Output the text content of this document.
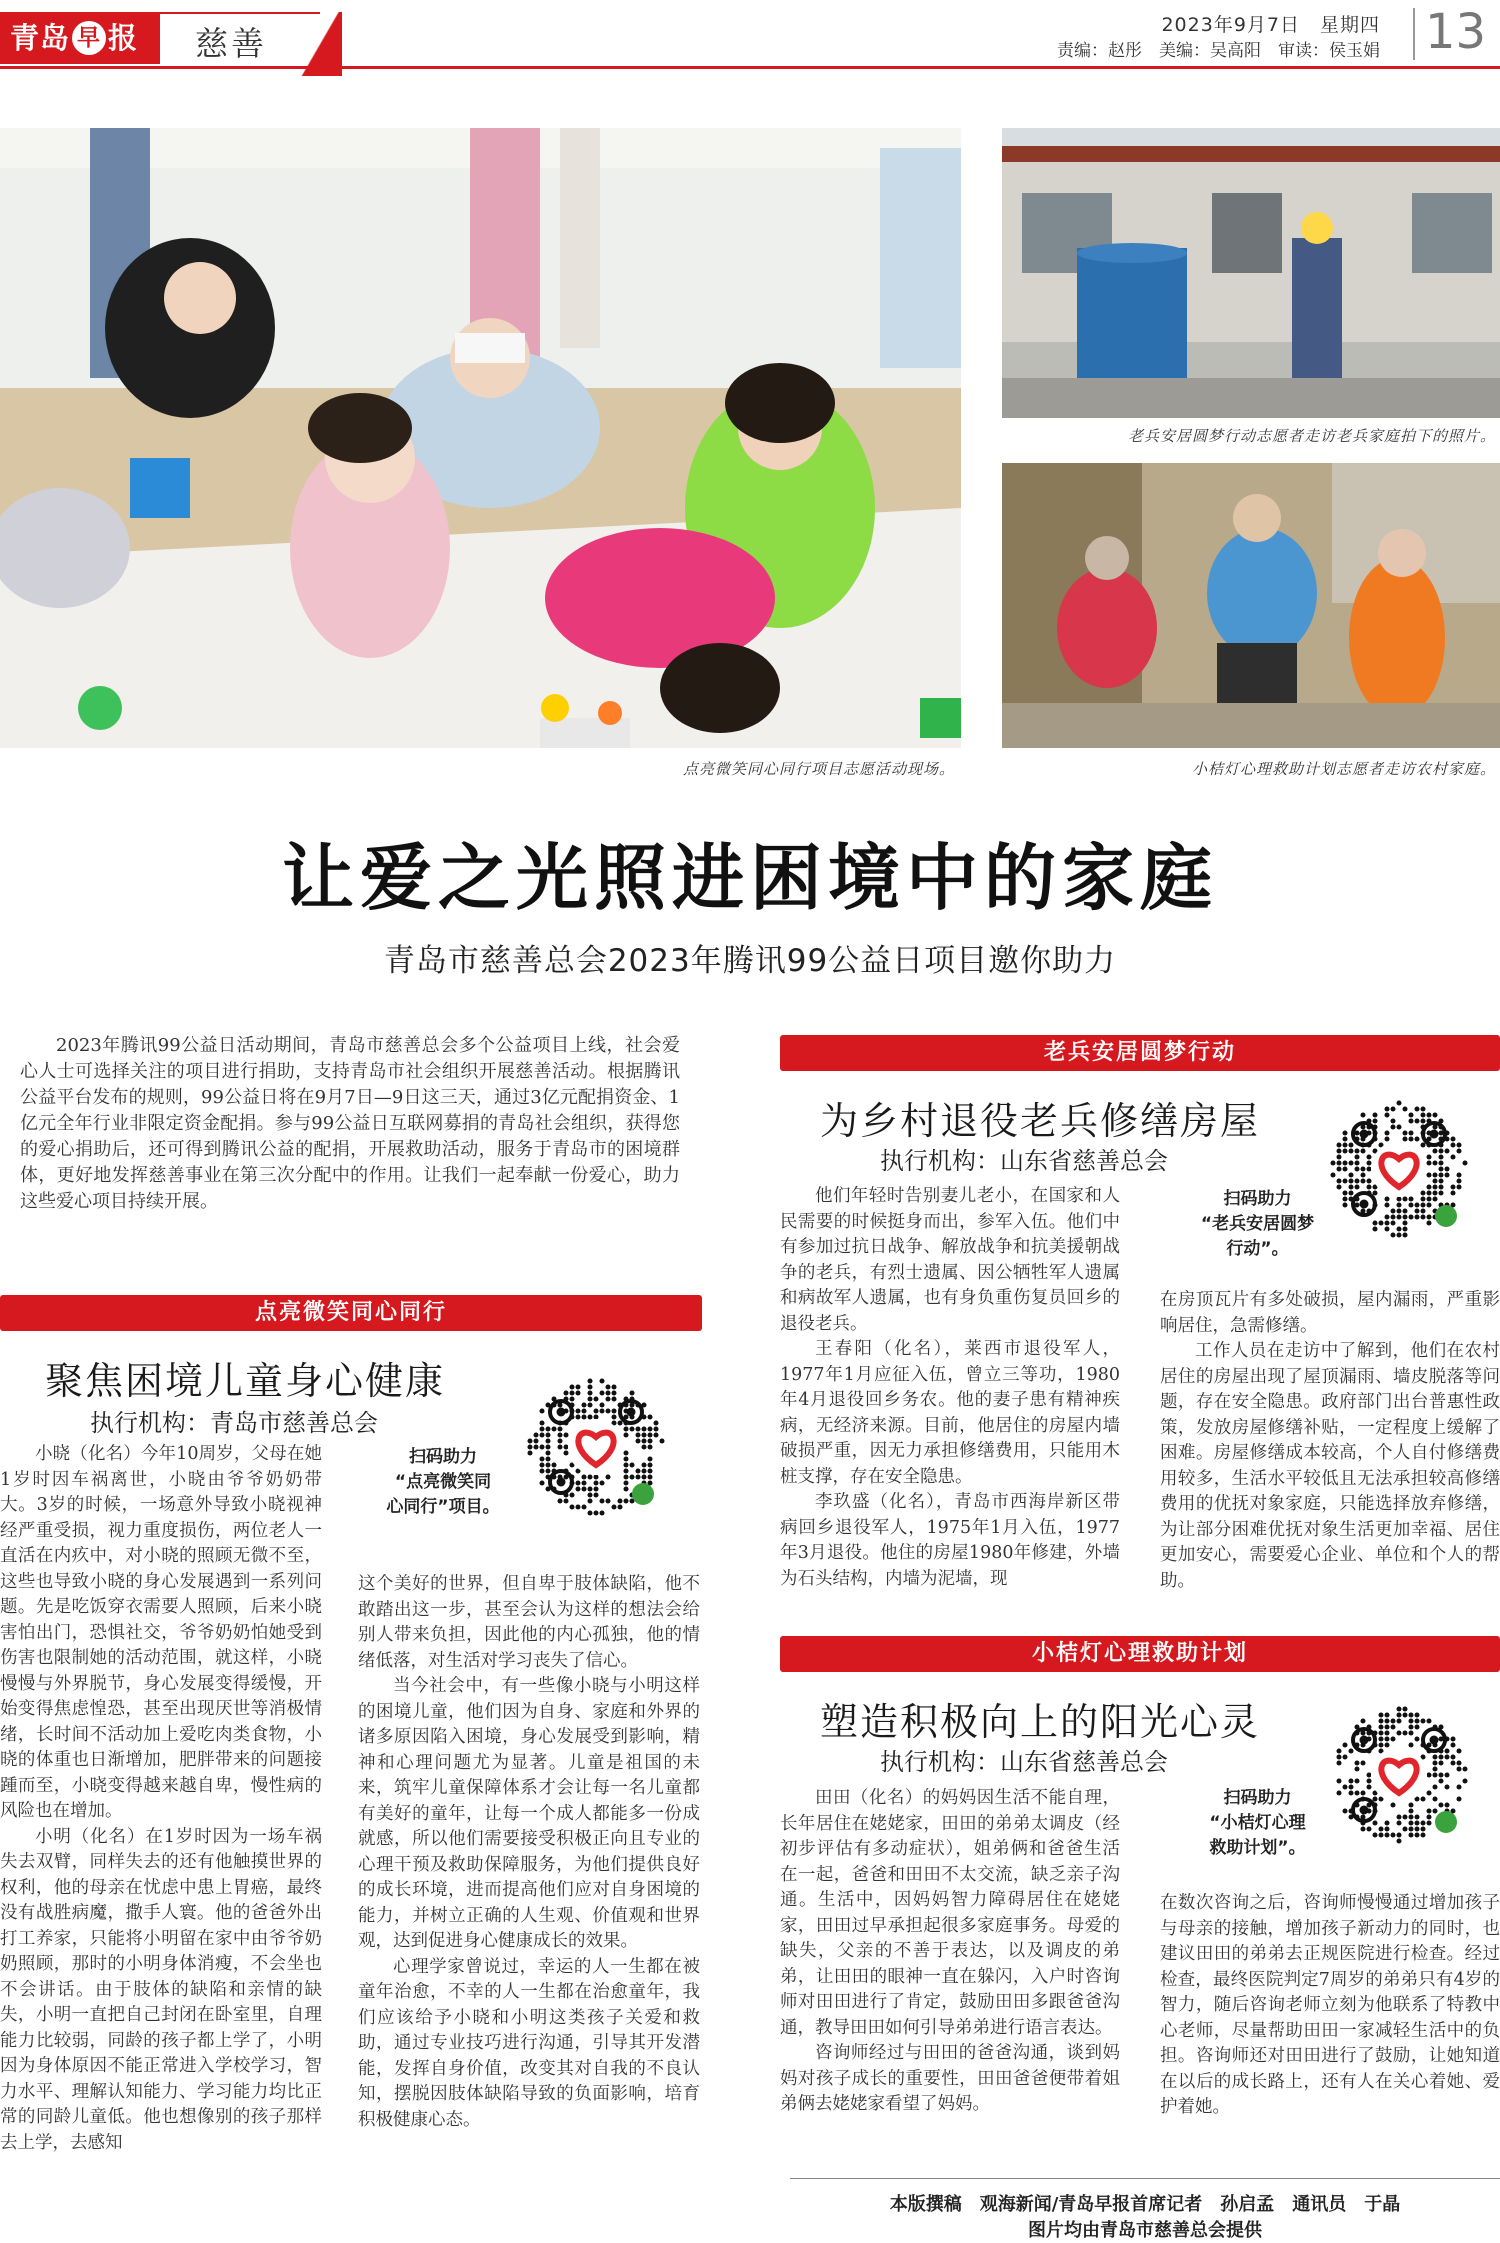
青岛 早 报	慈善	2023年9月7日　星期四
责编：赵彤　美编：吴高阳　审读：侯玉娟 13
点亮微笑同心同行项目志愿活动现场。
老兵安居圆梦行动志愿者走访老兵家庭拍下的照片。
小桔灯心理救助计划志愿者走访农村家庭。
让爱之光照进困境中的家庭
青岛市慈善总会2023年腾讯99公益日项目邀你助力

2023年腾讯99公益日活动期间，青岛市慈善总会多个公益项目上线，社会爱心人士可选择关注的项目进行捐助，支持青岛市社会组织开展慈善活动。根据腾讯公益平台发布的规则，99公益日将在9月7日—9日这三天，通过3亿元配捐资金、1亿元全年行业非限定资金配捐。参与99公益日互联网募捐的青岛社会组织，获得您的爱心捐助后，还可得到腾讯公益的配捐，开展救助活动，服务于青岛市的困境群体，更好地发挥慈善事业在第三次分配中的作用。让我们一起奉献一份爱心，助力这些爱心项目持续开展。

点亮微笑同心同行
聚焦困境儿童身心健康
执行机构：青岛市慈善总会
扫码助力
“点亮微笑同
心同行”项目。

小晓（化名）今年10周岁，父母在她1岁时因车祸离世，小晓由爷爷奶奶带大。3岁的时候，一场意外导致小晓视神经严重受损，视力重度损伤，两位老人一直活在内疚中，对小晓的照顾无微不至，这些也导致小晓的身心发展遇到一系列问题。先是吃饭穿衣需要人照顾，后来小晓害怕出门，恐惧社交，爷爷奶奶怕她受到伤害也限制她的活动范围，就这样，小晓慢慢与外界脱节，身心发展变得缓慢，开始变得焦虑惶恐，甚至出现厌世等消极情绪，长时间不活动加上爱吃肉类食物，小晓的体重也日渐增加，肥胖带来的问题接踵而至，小晓变得越来越自卑，慢性病的风险也在增加。

小明（化名）在1岁时因为一场车祸失去双臂，同样失去的还有他触摸世界的权利，他的母亲在忧虑中患上胃癌，最终没有战胜病魔，撒手人寰。他的爸爸外出打工养家，只能将小明留在家中由爷爷奶奶照顾，那时的小明身体消瘦，不会坐也不会讲话。由于肢体的缺陷和亲情的缺失，小明一直把自己封闭在卧室里，自理能力比较弱，同龄的孩子都上学了，小明因为身体原因不能正常进入学校学习，智力水平、理解认知能力、学习能力均比正常的同龄儿童低。他也想像别的孩子那样去上学，去感知

这个美好的世界，但自卑于肢体缺陷，他不敢踏出这一步，甚至会认为这样的想法会给别人带来负担，因此他的内心孤独，他的情绪低落，对生活对学习丧失了信心。

当今社会中，有一些像小晓与小明这样的困境儿童，他们因为自身、家庭和外界的诸多原因陷入困境，身心发展受到影响，精神和心理问题尤为显著。儿童是祖国的未来，筑牢儿童保障体系才会让每一名儿童都有美好的童年，让每一个成人都能多一份成就感，所以他们需要接受积极正向且专业的心理干预及救助保障服务，为他们提供良好的成长环境，进而提高他们应对自身困境的能力，并树立正确的人生观、价值观和世界观，达到促进身心健康成长的效果。

心理学家曾说过，幸运的人一生都在被童年治愈，不幸的人一生都在治愈童年，我们应该给予小晓和小明这类孩子关爱和救助，通过专业技巧进行沟通，引导其开发潜能，发挥自身价值，改变其对自我的不良认知，摆脱因肢体缺陷导致的负面影响，培育积极健康心态。

老兵安居圆梦行动
为乡村退役老兵修缮房屋
执行机构：山东省慈善总会
扫码助力
“老兵安居圆梦
行动”。

他们年轻时告别妻儿老小，在国家和人民需要的时候挺身而出，参军入伍。他们中有参加过抗日战争、解放战争和抗美援朝战争的老兵，有烈士遗属、因公牺牲军人遗属和病故军人遗属，也有身负重伤复员回乡的退役老兵。

王春阳（化名），莱西市退役军人，1977年1月应征入伍，曾立三等功，1980年4月退役回乡务农。他的妻子患有精神疾病，无经济来源。目前，他居住的房屋内墙破损严重，因无力承担修缮费用，只能用木桩支撑，存在安全隐患。

李玖盛（化名），青岛市西海岸新区带病回乡退役军人，1975年1月入伍，1977年3月退役。他住的房屋1980年修建，外墙为石头结构，内墙为泥墙，现

在房顶瓦片有多处破损，屋内漏雨，严重影响居住，急需修缮。

工作人员在走访中了解到，他们在农村居住的房屋出现了屋顶漏雨、墙皮脱落等问题，存在安全隐患。政府部门出台普惠性政策，发放房屋修缮补贴，一定程度上缓解了困难。房屋修缮成本较高，个人自付修缮费用较多，生活水平较低且无法承担较高修缮费用的优抚对象家庭，只能选择放弃修缮，为让部分困难优抚对象生活更加幸福、居住更加安心，需要爱心企业、单位和个人的帮助。

小桔灯心理救助计划
塑造积极向上的阳光心灵
执行机构：山东省慈善总会
扫码助力
“小桔灯心理
救助计划”。

田田（化名）的妈妈因生活不能自理，长年居住在姥姥家，田田的弟弟太调皮（经初步评估有多动症状），姐弟俩和爸爸生活在一起，爸爸和田田不太交流，缺乏亲子沟通。生活中，因妈妈智力障碍居住在姥姥家，田田过早承担起很多家庭事务。母爱的缺失，父亲的不善于表达，以及调皮的弟弟，让田田的眼神一直在躲闪，入户时咨询师对田田进行了肯定，鼓励田田多跟爸爸沟通，教导田田如何引导弟弟进行语言表达。

咨询师经过与田田的爸爸沟通，谈到妈妈对孩子成长的重要性，田田爸爸便带着姐弟俩去姥姥家看望了妈妈。

在数次咨询之后，咨询师慢慢通过增加孩子与母亲的接触，增加孩子新动力的同时，也建议田田的弟弟去正规医院进行检查。经过检查，最终医院判定7周岁的弟弟只有4岁的智力，随后咨询老师立刻为他联系了特教中心老师，尽量帮助田田一家减轻生活中的负担。咨询师还对田田进行了鼓励，让她知道在以后的成长路上，还有人在关心着她、爱护着她。

本版撰稿　观海新闻/青岛早报首席记者　孙启孟　通讯员　于晶
图片均由青岛市慈善总会提供
